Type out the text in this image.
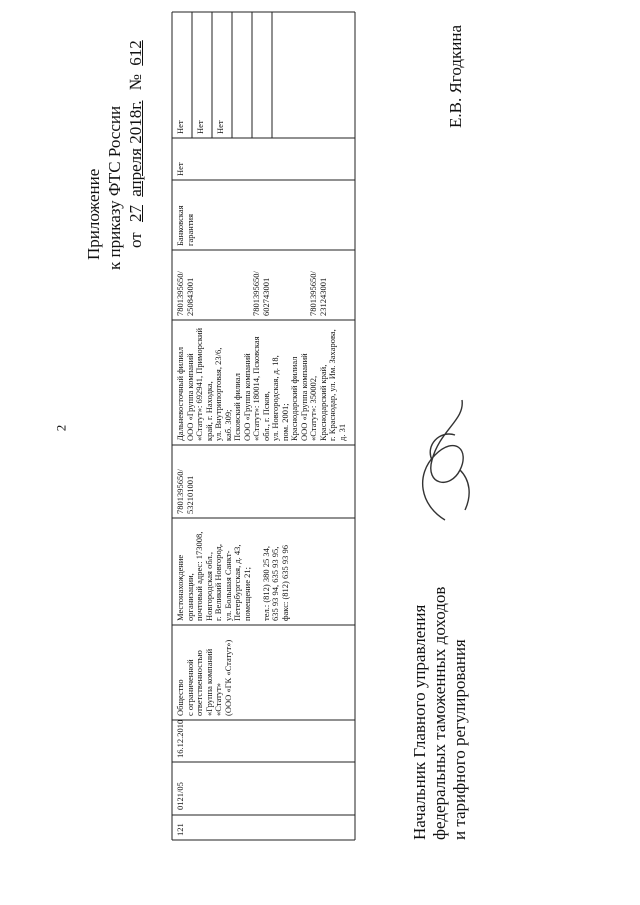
2
121
0121/05
16.12.2010
Общество
с ограниченной
ответственностью
«Группа компаний
«Статут»
(ООО «ГК «Статут»)
Местонахождение
организации,
почтовый адрес: 173008,
Новгородская обл.,
г. Великий Новгород,
ул. Большая Санкт-
Петербургская, д. 43,
помещение 21;

тел.: (812) 380 25 34,
635 93 94, 635 93 95,
факс: (812) 635 93 96
7801395650/
532101001
Дальневосточный филиал
ООО «Группа компаний
«Статут»: 692941, Приморский
край, г. Находка,
ул. Внутрипортовая, 23/6,
каб. 309;
Псковский филиал
ООО «Группа компаний
«Статут»: 180014, Псковская
обл., г. Псков,
ул. Новгородская, д. 18,
пом. 2001;
Краснодарский филиал
ООО «Группа компаний
«Статут»: 350002,
Краснодарский край,
г. Краснодар, ул. Им. Захарова,
д. 31
7801395650/
250843001

7801395650/
602743001

7801395650/
231243001
Банковская
гарантия
Нет
Нет	Нет	Нет
Приложение к приказу ФТС России от 27 апреля 2018г. № 612
Начальник Главного управления федеральных таможенных доходов и тарифного регулирования
Е.В. Ягодкина
